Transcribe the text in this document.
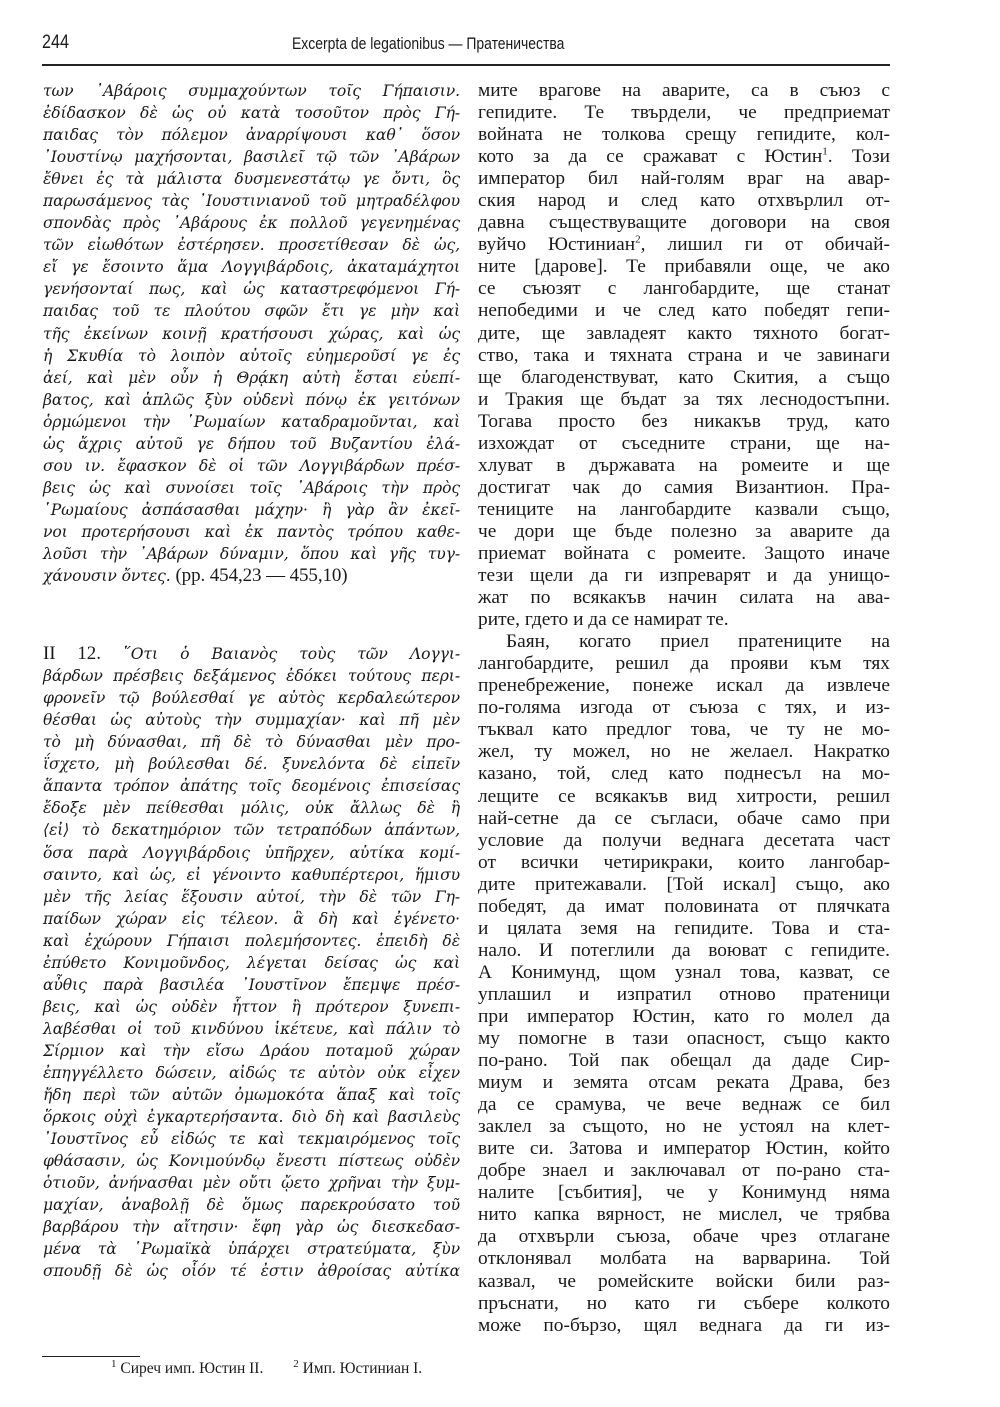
244	Excerpta de legationibus — Пратеничества
των ᾿Αβάροις συμμαχούντων τοῖς Γήπαισιν.
ἐδίδασκον δὲ ὡς οὐ κατὰ τοσοῦτον πρὸς Γή-
παιδας τὸν πόλεμον ἀναρρίψουσι καθ᾽ ὅσον
᾿Ιουστίνῳ μαχήσονται, βασιλεῖ τῷ τῶν ᾿Αβάρων
ἔθνει ἐς τὰ μάλιστα δυσμενεστάτῳ γε ὄντι, ὃς
παρωσάμενος τὰς ᾿Ιουστινιανοῦ τοῦ μητραδέλφου
σπονδὰς πρὸς ᾿Αβάρους ἐκ πολλοῦ γεγενημένας
τῶν εἰωθότων ἐστέρησεν. προσετίθεσαν δὲ ὡς,
εἴ γε ἔσοιντο ἅμα Λογγιβάρδοις, ἀκαταμάχητοι
γενήσονταί πως, καὶ ὡς καταστρεφόμενοι Γή-
παιδας τοῦ τε πλούτου σφῶν ἔτι γε μὴν καὶ
τῆς ἐκείνων κοινῇ κρατήσουσι χώρας, καὶ ὡς
ἡ Σκυθία τὸ λοιπὸν αὐτοῖς εὐημεροῦσί γε ἐς
ἀεί, καὶ μὲν οὖν ἡ Θρᾴκη αὐτὴ ἔσται εὐεπί-
βατος, καὶ ἁπλῶς ξὺν οὐδενὶ πόνῳ ἐκ γειτόνων
ὁρμώμενοι τὴν ῾Ρωμαίων καταδραμοῦνται, καὶ
ὡς ἄχρις αὐτοῦ γε δήπου τοῦ Βυζαντίου ἐλά-
σου ιν. ἔφασκον δὲ οἱ τῶν Λογγιβάρδων πρέσ-
βεις ὡς καὶ συνοίσει τοῖς ᾿Αβάροις τὴν πρὸς
῾Ρωμαίους ἀσπάσασθαι μάχην· ἢ γὰρ ἂν ἐκεῖ-
νοι προτερήσουσι καὶ ἐκ παντὸς τρόπου καθε-
λοῦσι τὴν ᾿Αβάρων δύναμιν, ὅπου καὶ γῆς τυγ-
χάνουσιν ὄντες. (pp. 454,23 — 455,10)
II 12. ῞Οτι ὁ Βαιανὸς τοὺς τῶν Λογγι-
βάρδων πρέσβεις δεξάμενος ἐδόκει τούτους περι-
φρονεῖν τῷ βούλεσθαί γε αὐτὸς κερδαλεώτερον
θέσθαι ὡς αὐτοὺς τὴν συμμαχίαν· καὶ πῆ μὲν
τὸ μὴ δύνασθαι, πῆ δὲ τὸ δύνασθαι μὲν προ-
ΐσχετο, μὴ βούλεσθαι δέ. ξυνελόντα δὲ εἰπεῖν
ἅπαντα τρόπον ἀπάτης τοῖς δεομένοις ἐπισείσας
ἔδοξε μὲν πείθεσθαι μόλις, οὐκ ἄλλως δὲ ἢ
⟨εἰ⟩ τὸ δεκατημόριον τῶν τετραπόδων ἁπάντων,
ὅσα παρὰ Λογγιβάρδοις ὑπῆρχεν, αὐτίκα κομί-
σαιντο, καὶ ὡς, εἰ γένοιντο καθυπέρτεροι, ἥμισυ
μὲν τῆς λείας ἕξουσιν αὐτοί, τὴν δὲ τῶν Γη-
παίδων χώραν εἰς τέλεον. ἃ δὴ καὶ ἐγένετο·
καὶ ἐχώρουν Γήπαισι πολεμήσοντες. ἐπειδὴ δὲ
ἐπύθετο Κονιμοῦνδος, λέγεται δείσας ὡς καὶ
αὖθις παρὰ βασιλέα ᾿Ιουστῖνον ἔπεμψε πρέσ-
βεις, καὶ ὡς οὐδὲν ἧττον ἢ πρότερον ξυνεπι-
λαβέσθαι οἱ τοῦ κινδύνου ἱκέτευε, καὶ πάλιν τὸ
Σίρμιον καὶ τὴν εἴσω Δράου ποταμοῦ χώραν
ἐπηγγέλλετο δώσειν, αἰδώς τε αὐτὸν οὐκ εἶχεν
ἤδη περὶ τῶν αὐτῶν ὀμωμοκότα ἅπαξ καὶ τοῖς
ὅρκοις οὐχὶ ἐγκαρτερήσαντα. διὸ δὴ καὶ βασιλεὺς
᾿Ιουστῖνος εὖ εἰδώς τε καὶ τεκμαιρόμενος τοῖς
φθάσασιν, ὡς Κονιμούνδῳ ἔνεστι πίστεως οὐδὲν
ὁτιοῦν, ἀνήνασθαι μὲν οὔτι ᾤετο χρῆναι τὴν ξυμ-
μαχίαν, ἀναβολῇ δὲ ὅμως παρεκρούσατο τοῦ
βαρβάρου τὴν αἴτησιν· ἔφη γὰρ ὡς διεσκεδασ-
μένα τὰ ῾Ρωμαϊκὰ ὑπάρχει στρατεύματα, ξὺν
σπουδῇ δὲ ὡς οἷόν τέ ἐστιν ἀθροίσας αὐτίκα
мите врагове на аварите, са в съюз с
гепидите. Те твърдели, че предприемат
войната не толкова срещу гепидите, кол-
кото за да се сражават с Юстин$^1$. Този
император бил най-голям враг на авар-
ския народ и след като отхвърлил от-
давна съществуващите договори на своя
вуйчо Юстиниан$^2$, лишил ги от обичай-
ните [дарове]. Те прибавяли още, че ако
се съюзят с лангобардите, ще станат
непобедими и че след като победят гепи-
дите, ще завладеят както тяхното богат-
ство, така и тяхната страна и че завинаги
ще благоденствуват, като Скития, а също
и Тракия ще бъдат за тях леснодостъпни.
Тогава просто без никакъв труд, като
изхождат от съседните страни, ще на-
хлуват в държавата на ромеите и ще
достигат чак до самия Византион. Пра-
тениците на лангобардите казвали също,
че дори ще бъде полезно за аварите да
приемат войната с ромеите. Защото иначе
тези щели да ги изпреварят и да унищо-
жат по всякакъв начин силата на ава-
рите, гдето и да се намират те.
Баян, когато приел пратениците на
лангобардите, решил да прояви към тях
пренебрежение, понеже искал да извлече
по-голяма изгода от съюза с тях, и из-
тъквал като предлог това, че ту не мо-
жел, ту можел, но не желаел. Накратко
казано, той, след като поднесъл на мо-
лещите се всякакъв вид хитрости, решил
най-сетне да се съгласи, обаче само при
условие да получи веднага десетата част
от всички четирикраки, които лангобар-
дите притежавали. [Той искал] също, ако
победят, да имат половината от плячката
и цялата земя на гепидите. Това и ста-
нало. И потеглили да воюват с гепидите.
А Конимунд, щом узнал това, казват, се
уплашил и изпратил отново пратеници
при император Юстин, като го молел да
му помогне в тази опасност, също както
по-рано. Той пак обещал да даде Сир-
миум и земята отсам реката Драва, без
да се срамува, че вече веднаж се бил
заклел за същото, но не устоял на клет-
вите си. Затова и император Юстин, който
добре знаел и заключавал от по-рано ста-
налите [събития], че у Конимунд няма
нито капка вярност, не мислел, че трябва
да отхвърли съюза, обаче чрез отлагане
отклонявал молбата на варварина. Той
казвал, че ромейските войски били раз-
пръснати, но като ги събере колкото
може по-бързо, щял веднага да ги из-
$^1$ Сиреч имп. Юстин II.	$^2$ Имп. Юстиниан I.
